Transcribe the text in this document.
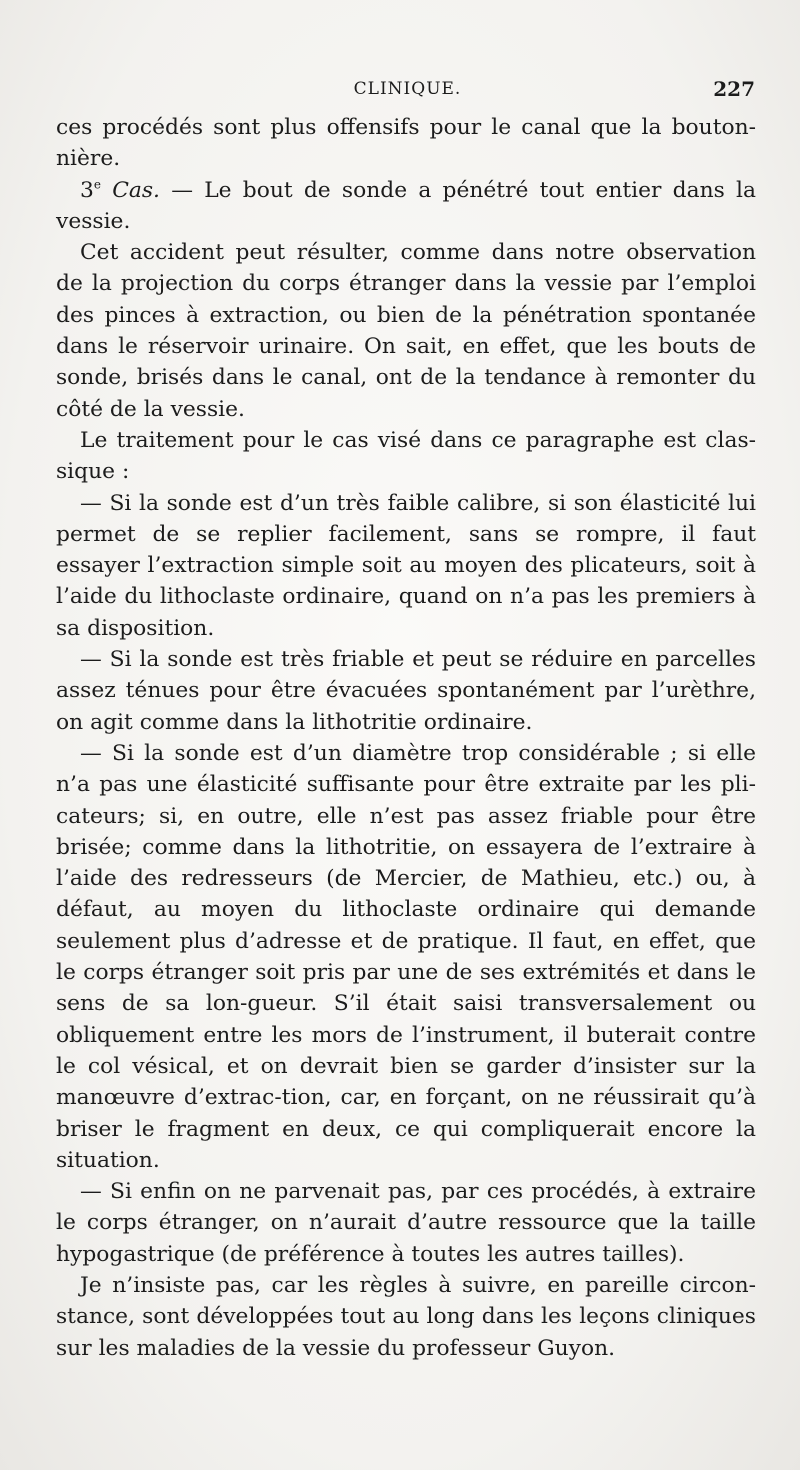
CLINIQUE.	227

ces procédés sont plus offensifs pour le canal que la bouton-nière.

3e Cas. — Le bout de sonde a pénétré tout entier dans la vessie.

Cet accident peut résulter, comme dans notre observation de la projection du corps étranger dans la vessie par l’emploi des pinces à extraction, ou bien de la pénétration spontanée dans le réservoir urinaire. On sait, en effet, que les bouts de sonde, brisés dans le canal, ont de la tendance à remonter du côté de la vessie.

Le traitement pour le cas visé dans ce paragraphe est clas-sique :

— Si la sonde est d’un très faible calibre, si son élasticité lui permet de se replier facilement, sans se rompre, il faut essayer l’extraction simple soit au moyen des plicateurs, soit à l’aide du lithoclaste ordinaire, quand on n’a pas les premiers à sa disposition.

— Si la sonde est très friable et peut se réduire en parcelles assez ténues pour être évacuées spontanément par l’urèthre, on agit comme dans la lithotritie ordinaire.

— Si la sonde est d’un diamètre trop considérable ; si elle n’a pas une élasticité suffisante pour être extraite par les pli-cateurs; si, en outre, elle n’est pas assez friable pour être brisée; comme dans la lithotritie, on essayera de l’extraire à l’aide des redresseurs (de Mercier, de Mathieu, etc.) ou, à défaut, au moyen du lithoclaste ordinaire qui demande seulement plus d’adresse et de pratique. Il faut, en effet, que le corps étranger soit pris par une de ses extrémités et dans le sens de sa lon-gueur. S’il était saisi transversalement ou obliquement entre les mors de l’instrument, il buterait contre le col vésical, et on devrait bien se garder d’insister sur la manœuvre d’extrac-tion, car, en forçant, on ne réussirait qu’à briser le fragment en deux, ce qui compliquerait encore la situation.

— Si enfin on ne parvenait pas, par ces procédés, à extraire le corps étranger, on n’aurait d’autre ressource que la taille hypogastrique (de préférence à toutes les autres tailles).

Je n’insiste pas, car les règles à suivre, en pareille circon-stance, sont développées tout au long dans les leçons cliniques sur les maladies de la vessie du professeur Guyon.
